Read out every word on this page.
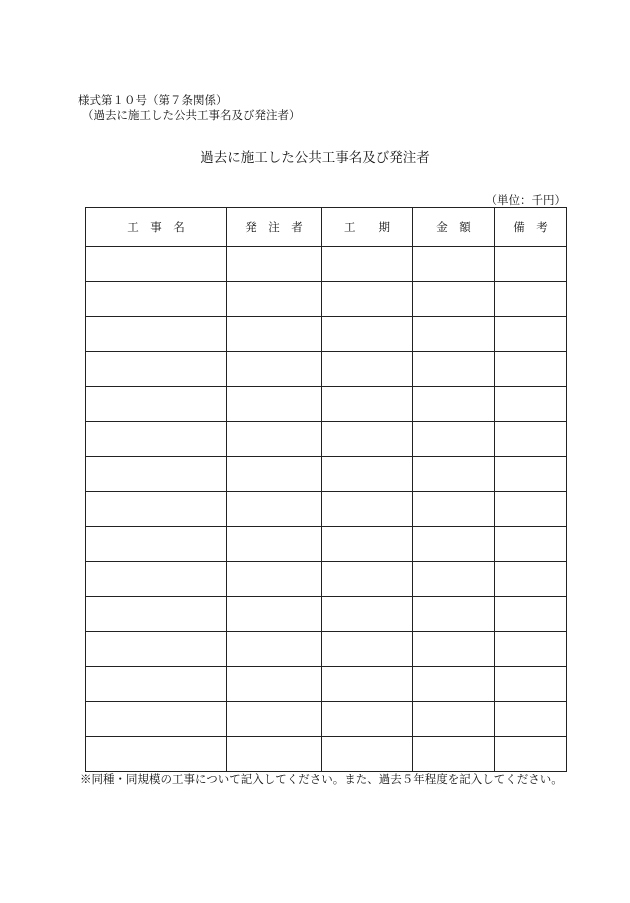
様式第１０号（第７条関係）
（過去に施工した公共工事名及び発注者）
過去に施工した公共工事名及び発注者
（単位：千円）
工　事　名	発　注　者	工　　期	金　額	備　考

※同種・同規模の工事について記入してください。また、過去５年程度を記入してください。
